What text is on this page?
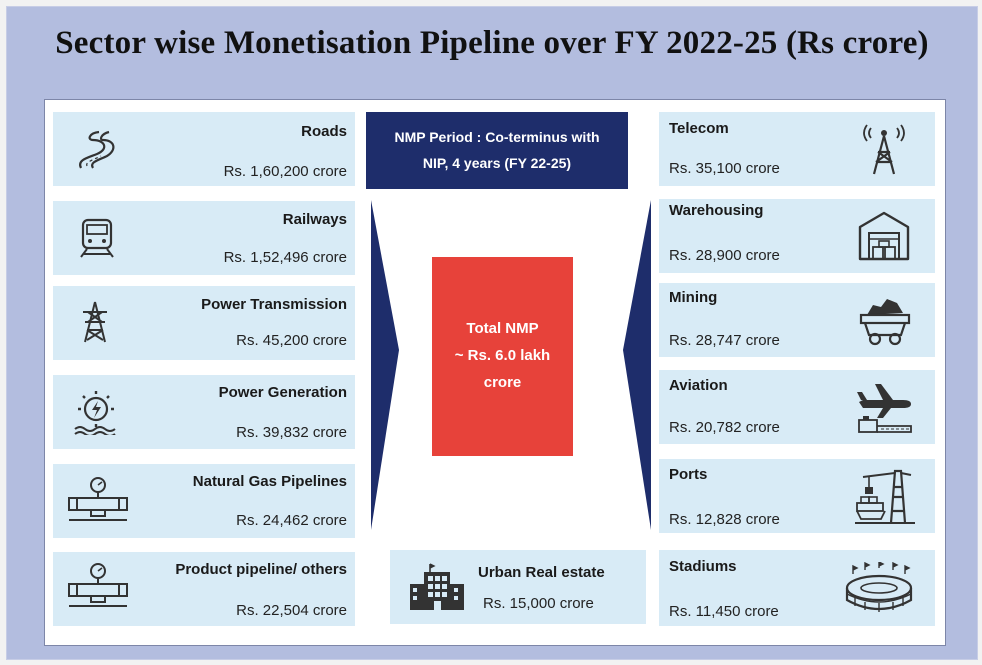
Sector wise Monetisation Pipeline over FY 2022-25 (Rs crore)
Roads
Rs. 1,60,200 crore
Railways
Rs. 1,52,496 crore
Power Transmission
Rs. 45,200 crore
Power Generation
Rs. 39,832 crore
Natural Gas Pipelines
Rs. 24,462 crore
Product pipeline/ others
Rs. 22,504 crore
NMP Period : Co-terminus with
NIP, 4 years (FY 22-25)
Total NMP
~ Rs. 6.0 lakh
crore
Urban Real estate
Rs. 15,000 crore
Telecom
Rs. 35,100 crore
Warehousing
Rs. 28,900 crore
Mining
Rs. 28,747 crore
Aviation
Rs. 20,782 crore
Ports
Rs. 12,828 crore
Stadiums
Rs. 11,450 crore
